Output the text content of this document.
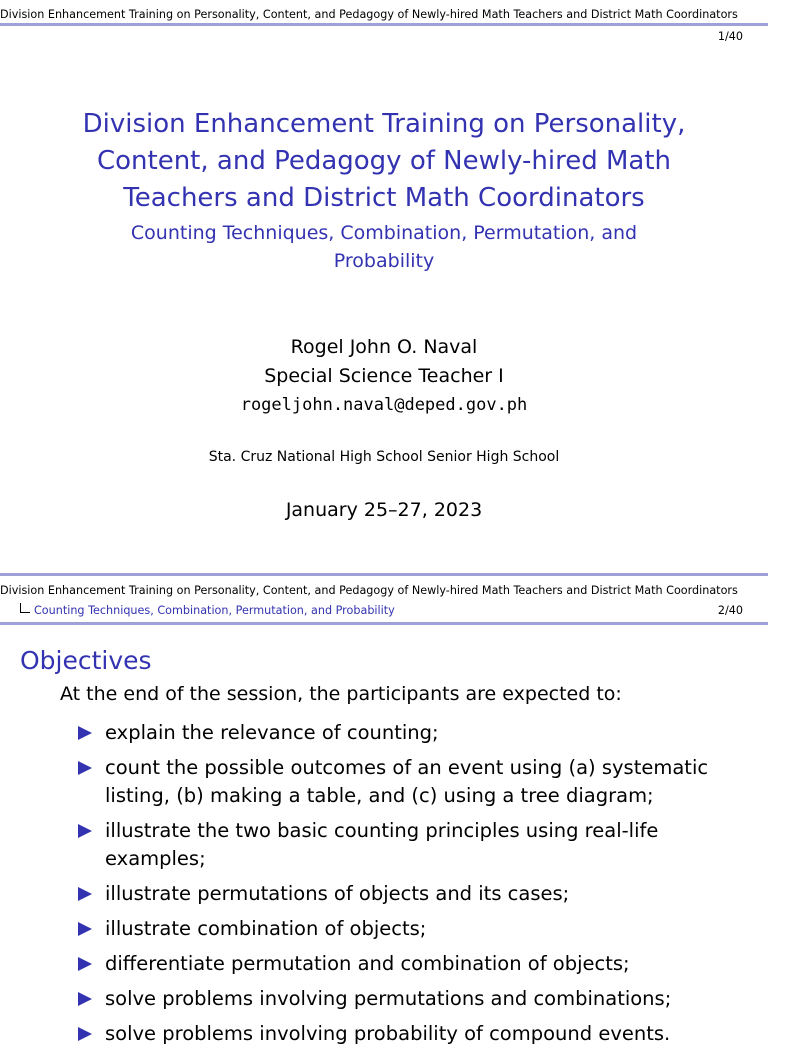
Division Enhancement Training on Personality, Content, and Pedagogy of Newly-hired Math Teachers and District Math Coordinators
1/40
Division Enhancement Training on Personality, Content, and Pedagogy of Newly-hired Math Teachers and District Math Coordinators
Counting Techniques, Combination, Permutation, and Probability
Rogel John O. Naval
Special Science Teacher I
rogeljohn.naval@deped.gov.ph
Sta. Cruz National High School Senior High School
January 25–27, 2023
Division Enhancement Training on Personality, Content, and Pedagogy of Newly-hired Math Teachers and District Math Coordinators
Counting Techniques, Combination, Permutation, and Probability	2/40
Objectives
At the end of the session, the participants are expected to:
explain the relevance of counting;
count the possible outcomes of an event using (a) systematic listing, (b) making a table, and (c) using a tree diagram;
illustrate the two basic counting principles using real-life examples;
illustrate permutations of objects and its cases;
illustrate combination of objects;
differentiate permutation and combination of objects;
solve problems involving permutations and combinations;
solve problems involving probability of compound events.
